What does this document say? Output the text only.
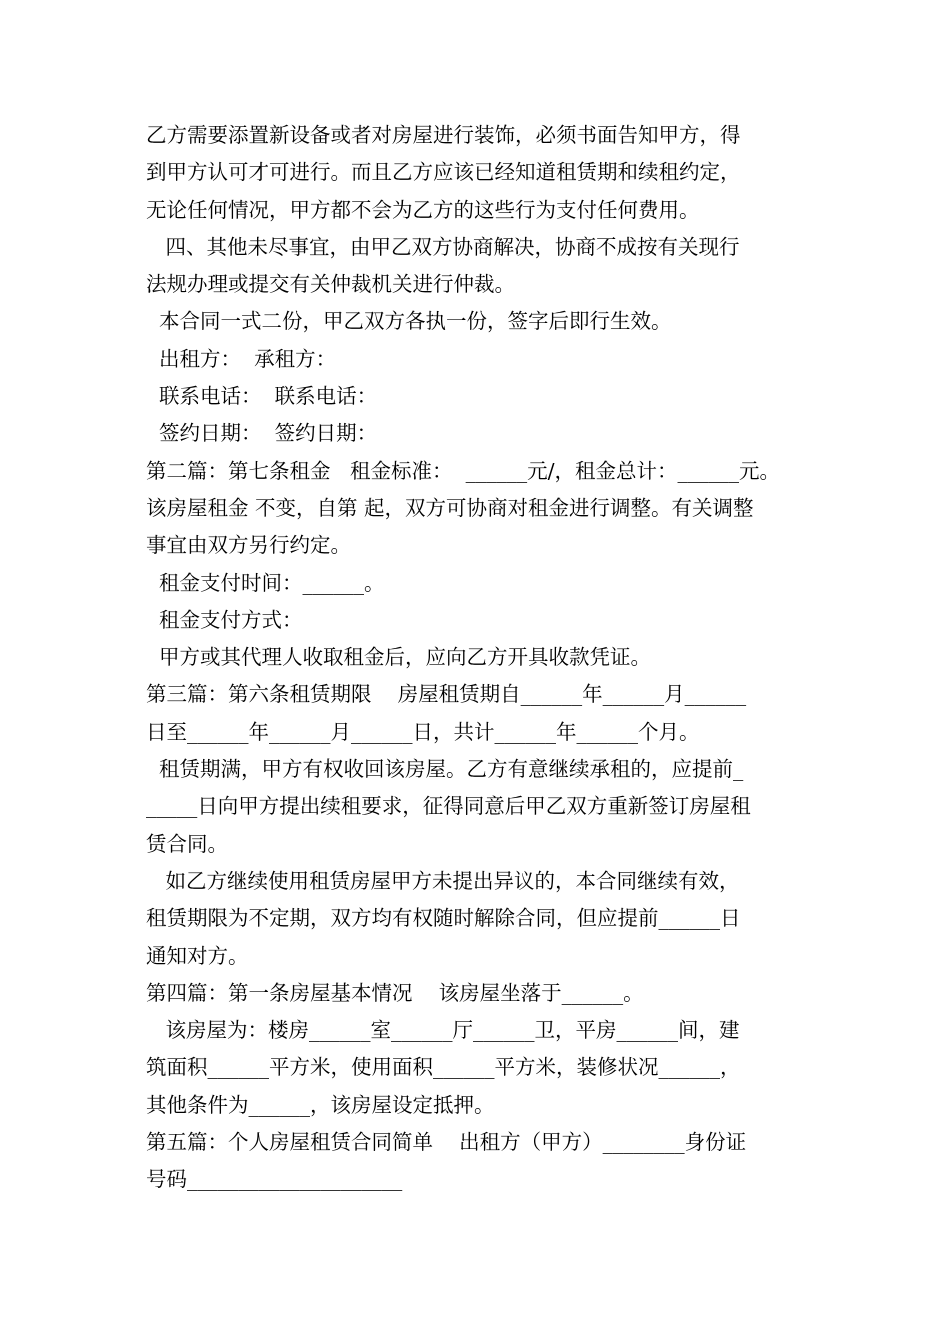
乙方需要添置新设备或者对房屋进行装饰，必须书面告知甲方，得
到甲方认可才可进行。而且乙方应该已经知道租赁期和续租约定，
无论任何情况，甲方都不会为乙方的这些行为支付任何费用。
四、其他未尽事宜，由甲乙双方协商解决，协商不成按有关现行
法规办理或提交有关仲裁机关进行仲裁。
本合同一式二份，甲乙双方各执一份，签字后即行生效。
出租方：  承租方：
联系电话：  联系电话：
签约日期：  签约日期：
第二篇：第七条租金   租金标准：  ______元/，租金总计：______元。
该房屋租金 不变，自第 起，双方可协商对租金进行调整。有关调整
事宜由双方另行约定。
租金支付时间：______。
租金支付方式：
甲方或其代理人收取租金后，应向乙方开具收款凭证。
第三篇：第六条租赁期限    房屋租赁期自______年______月______
日至______年______月______日，共计______年______个月。
租赁期满，甲方有权收回该房屋。乙方有意继续承租的，应提前_
_____日向甲方提出续租要求，征得同意后甲乙双方重新签订房屋租
赁合同。
如乙方继续使用租赁房屋甲方未提出异议的，本合同继续有效，
租赁期限为不定期，双方均有权随时解除合同，但应提前______日
通知对方。
第四篇：第一条房屋基本情况    该房屋坐落于______。
该房屋为：楼房______室______厅______卫，平房______间，建
筑面积______平方米，使用面积______平方米，装修状况______，
其他条件为______，该房屋设定抵押。
第五篇：个人房屋租赁合同简单    出租方（甲方）________身份证
号码_____________________
